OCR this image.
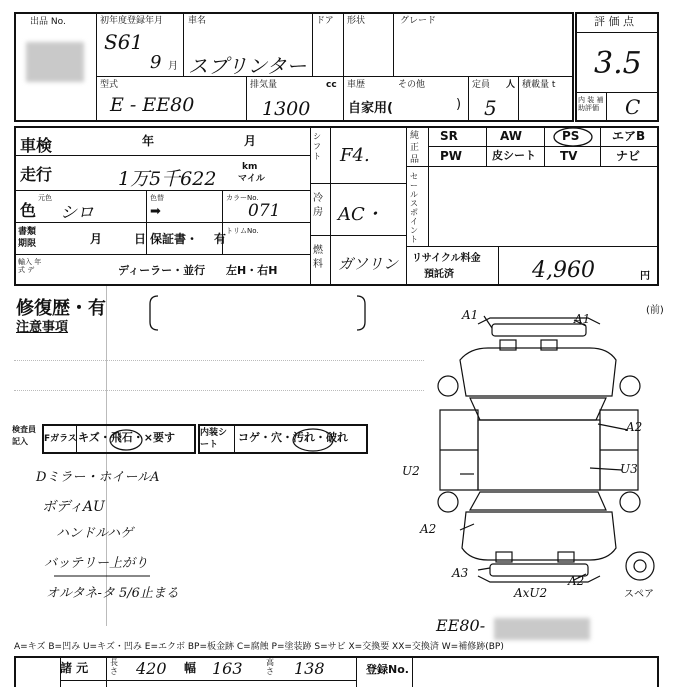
出品 No.	初年度登録年月
S61
9 月
車名
スプリンター
ドア 形状	グレード
型式
E - EE80
排気量	cc
1300
車歴	その他
自家用(	)
定員 人
5
積載量 t
評 価 点
3.5
内 装 補助評価	C
車検	年	月
走行	1万5千622
km
マイル
色
元色
シロ
色替
➡
カラーNo.
071
書類 期限	月	日 保証書・ 有
トリムNo.
輸入 年式 デ	ディーラー・並行 左H・右H
シフト F4.
冷房 AC・
燃料 ガソリン
純正品
SR	AW	PS	エアB
PW	皮シート TV	ナビ
セールスポイント
リサイクル料金
預託済	4,960	円
修復歴・有
注意事項
検査員記入	Fガラス キズ・飛石・×要す	内装シート
コゲ・穴・汚れ・破れ
Dミラー・ホイールA
ボディAU
ハンドルハゲ
バッテリー上がり
オルタネ-タ 5/6止まる
(前)
A1	A1
A2
U2	U3
A2
A3
AxU2
A2
スペア
EE80-
A=キズ B=凹み U=キズ・凹み E=エクボ BP=板金跡 C=腐蝕 P=塗装跡 S=サビ X=交換要 XX=交換済 W=補修跡(BP)
諸 元	長さ 420 幅 163	高さ 138	登録No.
